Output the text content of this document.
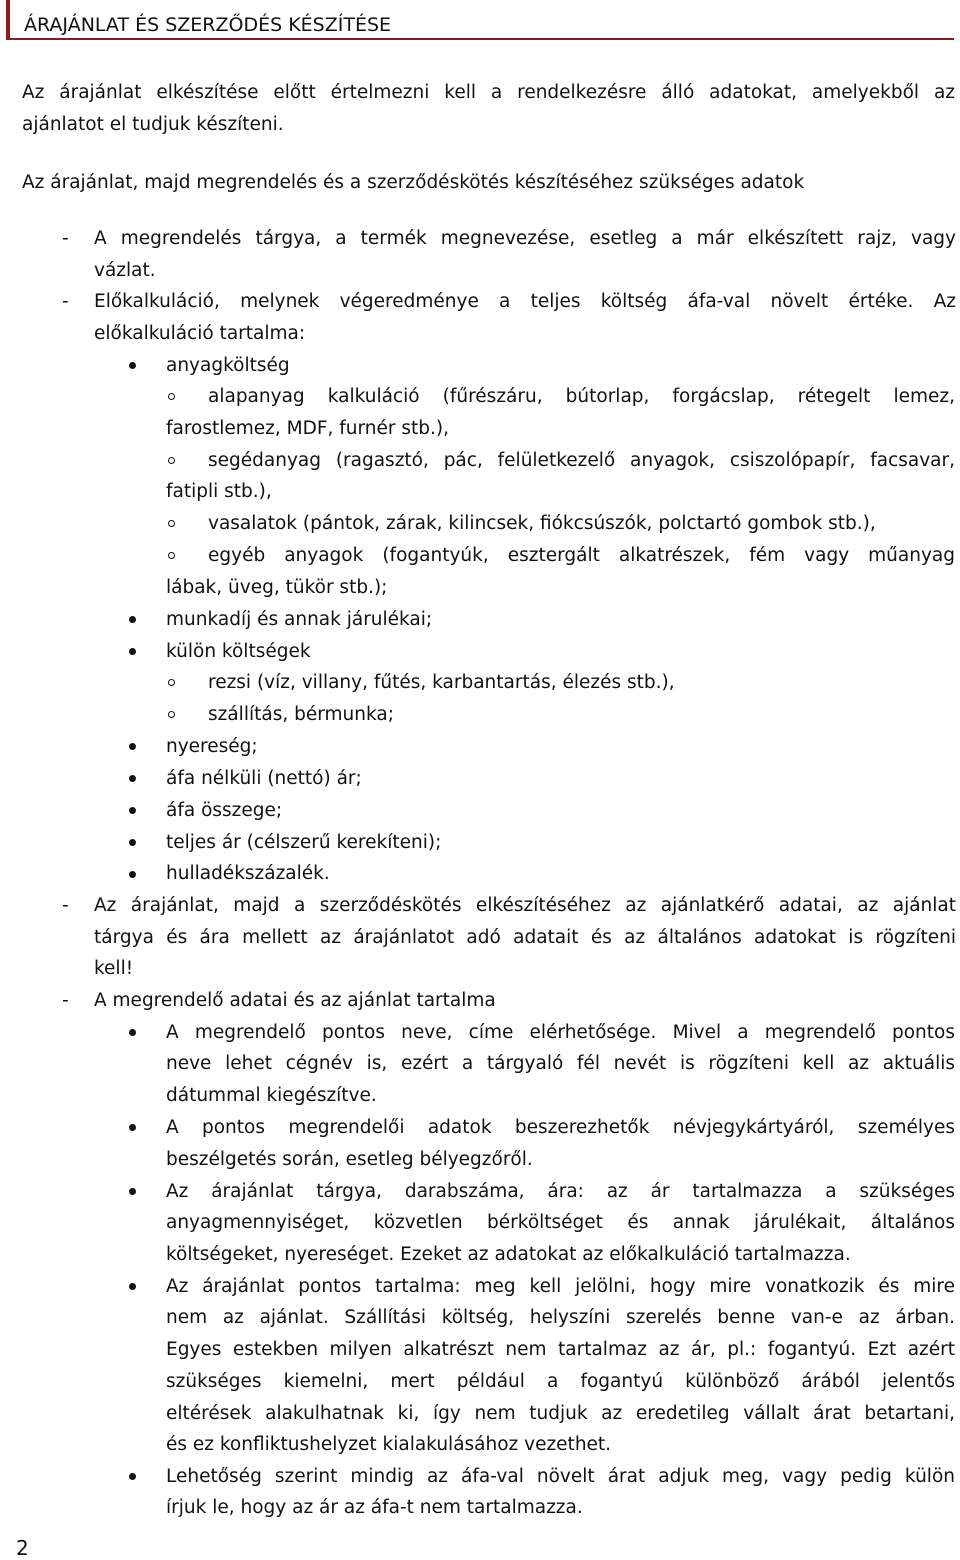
ÁRAJÁNLAT ÉS SZERZŐDÉS KÉSZÍTÉSE
Az árajánlat elkészítése előtt értelmezni kell a rendelkezésre álló adatokat, amelyekből az
ajánlatot el tudjuk készíteni.
Az árajánlat, majd megrendelés és a szerződéskötés készítéséhez szükséges adatok
- A megrendelés tárgya, a termék megnevezése, esetleg a már elkészített rajz, vagy
vázlat.
- Előkalkuláció, melynek végeredménye a teljes költség áfa-val növelt értéke. Az
előkalkuláció tartalma:
anyagköltség
alapanyag kalkuláció (fűrészáru, bútorlap, forgácslap, rétegelt lemez,
farostlemez, MDF, furnér stb.),
segédanyag (ragasztó, pác, felületkezelő anyagok, csiszolópapír, facsavar,
fatipli stb.),
vasalatok (pántok, zárak, kilincsek, fiókcsúszók, polctartó gombok stb.),
egyéb anyagok (fogantyúk, esztergált alkatrészek, fém vagy műanyag
lábak, üveg, tükör stb.);
munkadíj és annak járulékai;
külön költségek
rezsi (víz, villany, fűtés, karbantartás, élezés stb.),
szállítás, bérmunka;
nyereség;
áfa nélküli (nettó) ár;
áfa összege;
teljes ár (célszerű kerekíteni);
hulladékszázalék.
- Az árajánlat, majd a szerződéskötés elkészítéséhez az ajánlatkérő adatai, az ajánlat
tárgya és ára mellett az árajánlatot adó adatait és az általános adatokat is rögzíteni
kell!
- A megrendelő adatai és az ajánlat tartalma
A megrendelő pontos neve, címe elérhetősége. Mivel a megrendelő pontos
neve lehet cégnév is, ezért a tárgyaló fél nevét is rögzíteni kell az aktuális
dátummal kiegészítve.
A pontos megrendelői adatok beszerezhetők névjegykártyáról, személyes
beszélgetés során, esetleg bélyegzőről.
Az árajánlat tárgya, darabszáma, ára: az ár tartalmazza a szükséges
anyagmennyiséget, közvetlen bérköltséget és annak járulékait, általános
költségeket, nyereséget. Ezeket az adatokat az előkalkuláció tartalmazza.
Az árajánlat pontos tartalma: meg kell jelölni, hogy mire vonatkozik és mire
nem az ajánlat. Szállítási költség, helyszíni szerelés benne van-e az árban.
Egyes estekben milyen alkatrészt nem tartalmaz az ár, pl.: fogantyú. Ezt azért
szükséges kiemelni, mert például a fogantyú különböző árából jelentős
eltérések alakulhatnak ki, így nem tudjuk az eredetileg vállalt árat betartani,
és ez konfliktushelyzet kialakulásához vezethet.
Lehetőség szerint mindig az áfa-val növelt árat adjuk meg, vagy pedig külön
írjuk le, hogy az ár az áfa-t nem tartalmazza.
2
